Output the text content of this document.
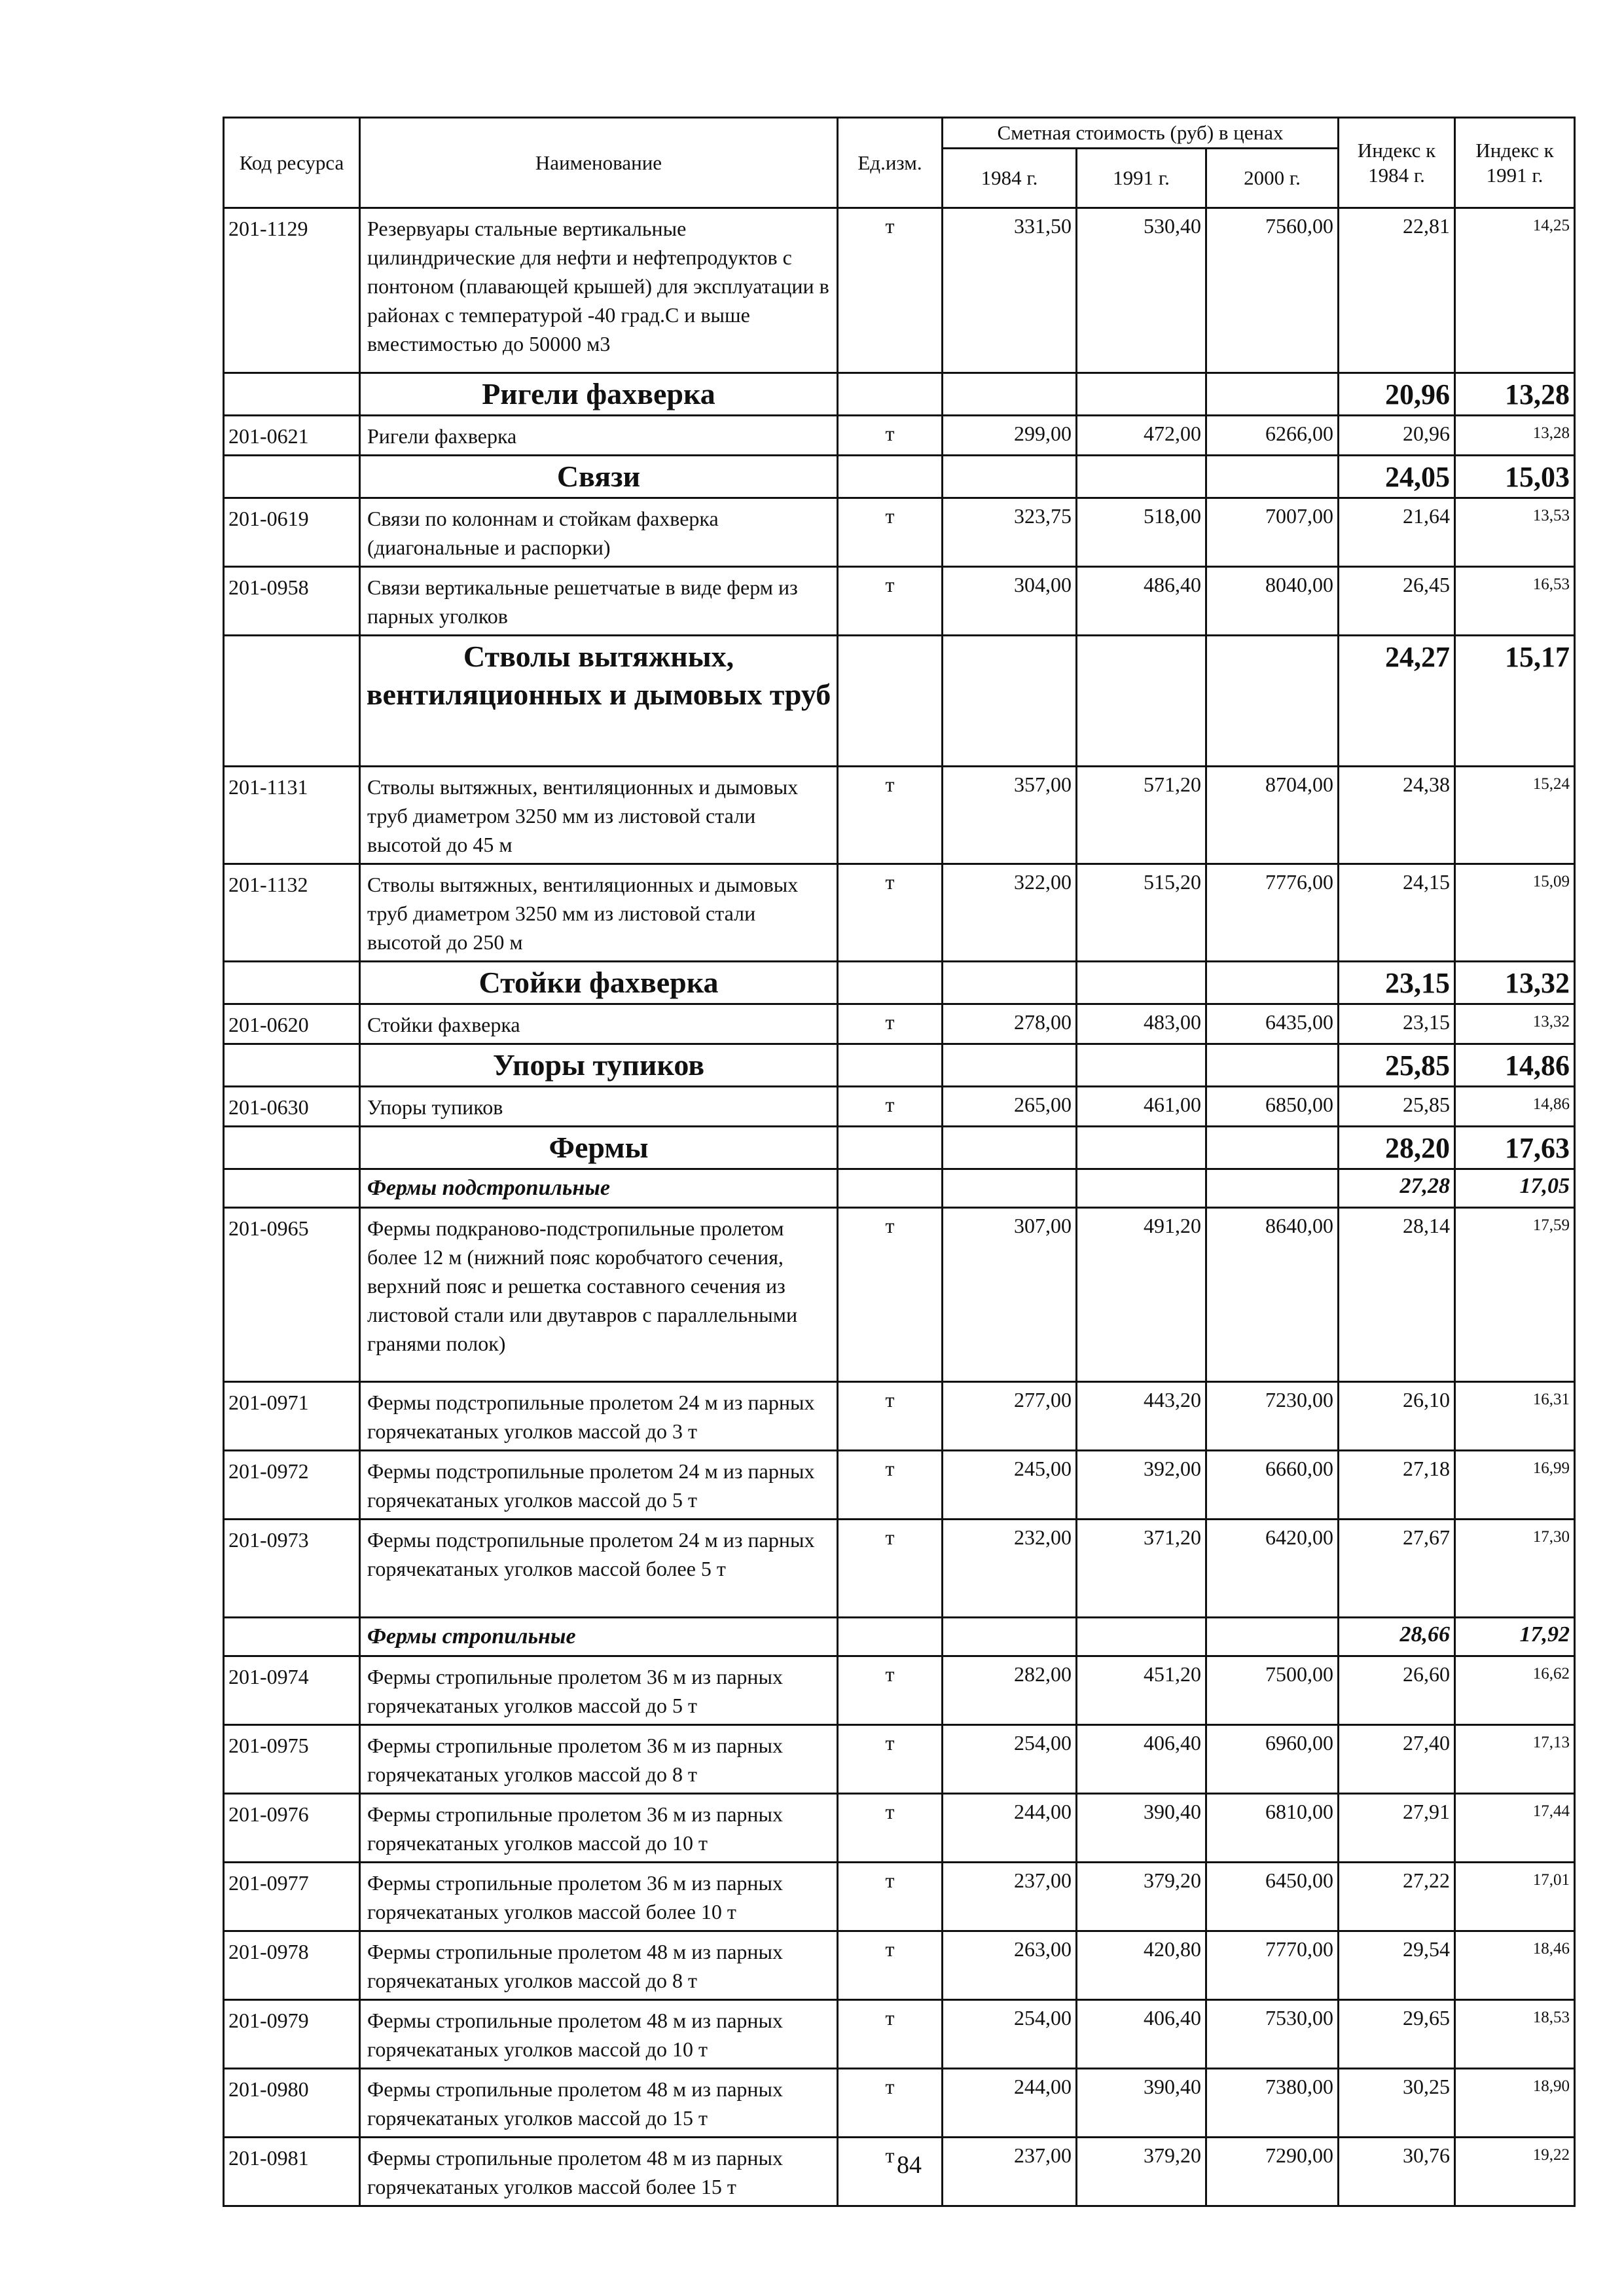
Код ресурса	Наименование	Ед.изм.	Сметная стоимость (руб) в ценах			Индекс к 1984 г.	Индекс к 1991 г.
			1984 г.	1991 г.	2000 г.		
201-1129	Резервуары стальные вертикальные цилиндрические для нефти и нефтепродуктов с понтоном (плавающей крышей) для эксплуатации в районах с температурой -40 град.С и выше вместимостью до 50000 м3	т	331,50	530,40	7560,00	22,81	14,25
	Ригели фахверка					20,96	13,28
201-0621	Ригели фахверка	т	299,00	472,00	6266,00	20,96	13,28
	Связи					24,05	15,03
201-0619	Связи по колоннам и стойкам фахверка (диагональные и распорки)	т	323,75	518,00	7007,00	21,64	13,53
201-0958	Связи вертикальные решетчатые в виде ферм из парных уголков	т	304,00	486,40	8040,00	26,45	16,53
	Стволы вытяжных, вентиляционных и дымовых труб					24,27	15,17
201-1131	Стволы вытяжных, вентиляционных и дымовых труб диаметром 3250 мм из листовой стали высотой до 45 м	т	357,00	571,20	8704,00	24,38	15,24
201-1132	Стволы вытяжных, вентиляционных и дымовых труб диаметром 3250 мм из листовой стали высотой до 250 м	т	322,00	515,20	7776,00	24,15	15,09
	Стойки фахверка					23,15	13,32
201-0620	Стойки фахверка	т	278,00	483,00	6435,00	23,15	13,32
	Упоры тупиков					25,85	14,86
201-0630	Упоры тупиков	т	265,00	461,00	6850,00	25,85	14,86
	Фермы					28,20	17,63
	Фермы подстропильные					27,28	17,05
201-0965	Фермы подкраново-подстропильные пролетом более 12 м (нижний пояс коробчатого сечения, верхний пояс и решетка составного сечения из листовой стали или двутавров с параллельными гранями полок)	т	307,00	491,20	8640,00	28,14	17,59
201-0971	Фермы подстропильные пролетом 24 м из парных горячекатаных уголков массой до 3 т	т	277,00	443,20	7230,00	26,10	16,31
201-0972	Фермы подстропильные пролетом 24 м из парных горячекатаных уголков массой до 5 т	т	245,00	392,00	6660,00	27,18	16,99
201-0973	Фермы подстропильные пролетом 24 м из парных горячекатаных уголков массой более 5 т	т	232,00	371,20	6420,00	27,67	17,30
	Фермы стропильные					28,66	17,92
201-0974	Фермы стропильные пролетом 36 м из парных горячекатаных уголков массой до 5 т	т	282,00	451,20	7500,00	26,60	16,62
201-0975	Фермы стропильные пролетом 36 м из парных горячекатаных уголков массой до 8 т	т	254,00	406,40	6960,00	27,40	17,13
201-0976	Фермы стропильные пролетом 36 м из парных горячекатаных уголков массой до 10 т	т	244,00	390,40	6810,00	27,91	17,44
201-0977	Фермы стропильные пролетом 36 м из парных горячекатаных уголков массой более 10 т	т	237,00	379,20	6450,00	27,22	17,01
201-0978	Фермы стропильные пролетом 48 м из парных горячекатаных уголков массой до 8 т	т	263,00	420,80	7770,00	29,54	18,46
201-0979	Фермы стропильные пролетом 48 м из парных горячекатаных уголков массой до 10 т	т	254,00	406,40	7530,00	29,65	18,53
201-0980	Фермы стропильные пролетом 48 м из парных горячекатаных уголков массой до 15 т	т	244,00	390,40	7380,00	30,25	18,90
201-0981	Фермы стропильные пролетом 48 м из парных горячекатаных уголков массой более 15 т	т	237,00	379,20	7290,00	30,76	19,22
84
